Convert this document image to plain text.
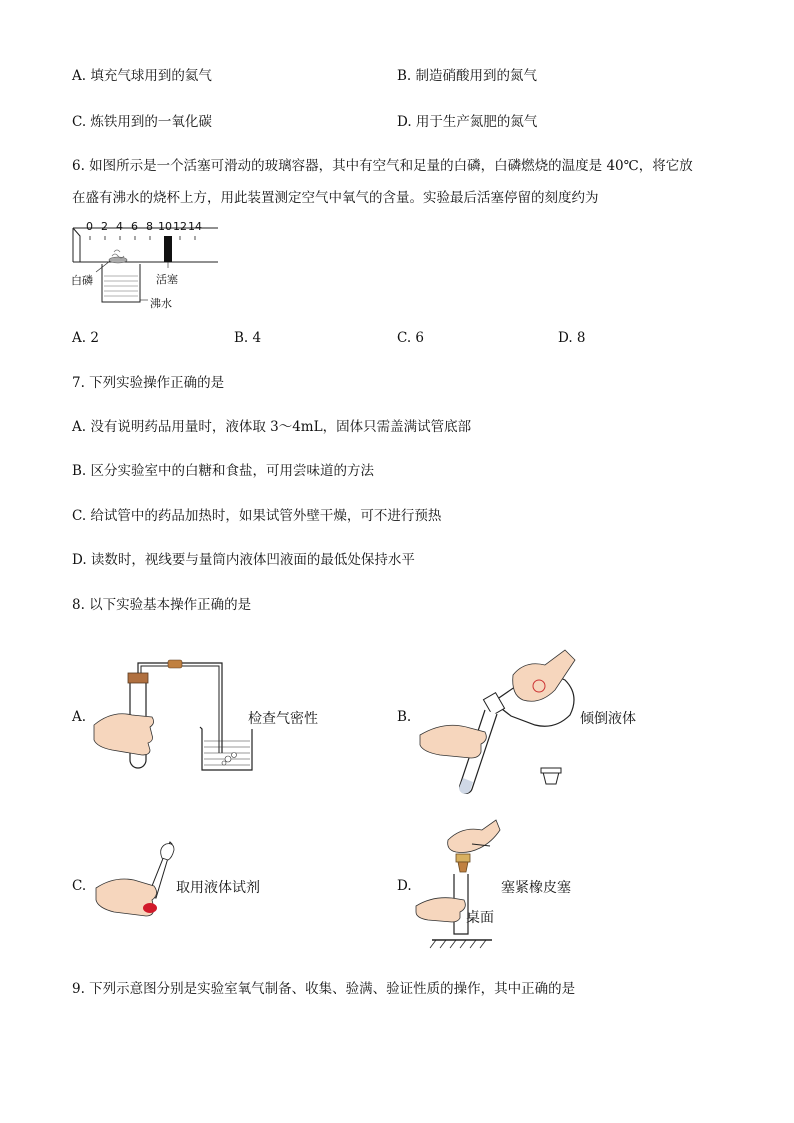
A. 填充气球用到的氦气	B. 制造硝酸用到的氮气
C. 炼铁用到的一氧化碳	D. 用于生产氮肥的氮气
6. 如图所示是一个活塞可滑动的玻璃容器，其中有空气和足量的白磷，白磷燃烧的温度是 40℃，将它放
在盛有沸水的烧杯上方，用此装置测定空气中氧气的含量。实验最后活塞停留的刻度约为
0 2 4 6 8 10 12 14
白磷	活塞
沸水
A. 2	B. 4	C. 6	D. 8
7. 下列实验操作正确的是
A. 没有说明药品用量时，液体取 3～4mL，固体只需盖满试管底部
B. 区分实验室中的白糖和食盐，可用尝味道的方法
C. 给试管中的药品加热时，如果试管外壁干燥，可不进行预热
D. 读数时，视线要与量筒内液体凹液面的最低处保持水平
8. 以下实验基本操作正确的是
A.	检查气密性	B.	倾倒液体
C.	取用液体试剂	D.
桌面
塞紧橡皮塞
9. 下列示意图分别是实验室氧气制备、收集、验满、验证性质的操作，其中正确的是
